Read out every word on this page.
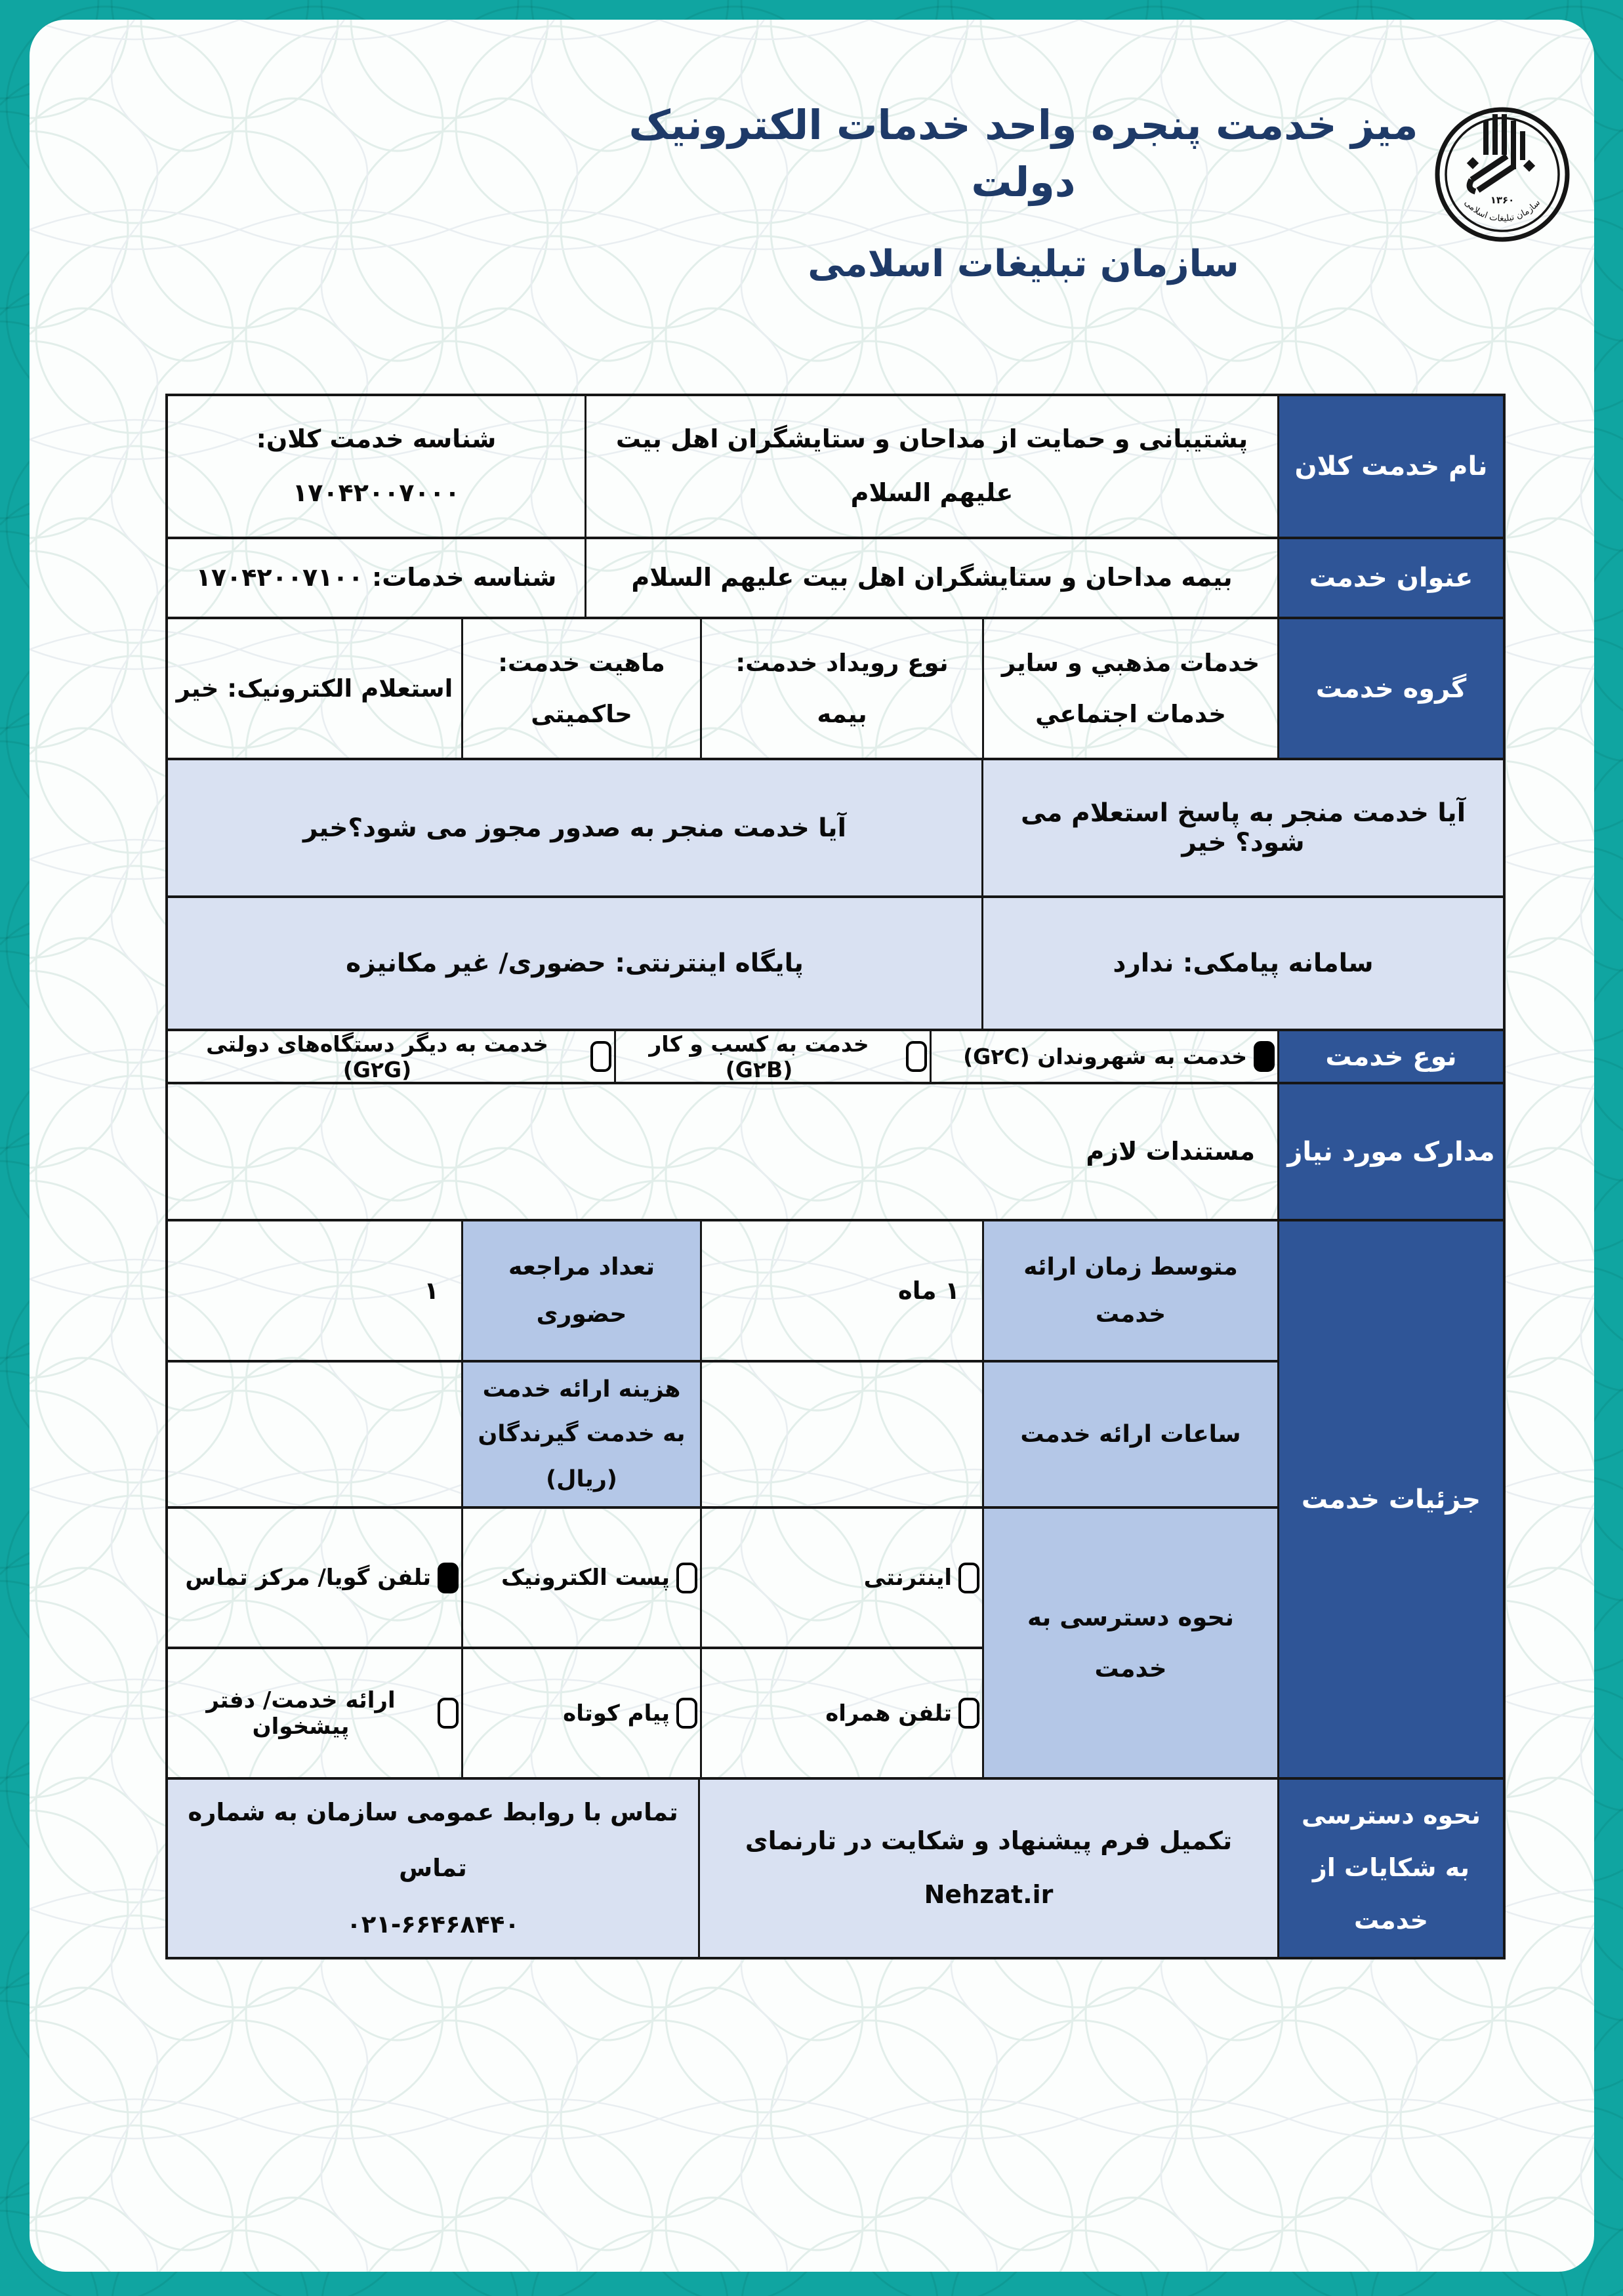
میز خدمت پنجره واحد خدمات الکترونیک دولت
سازمان تبلیغات اسلامی
۱۳۶۰
سازمان تبلیغات اسلامی
نام خدمت کلان
پشتیبانی و حمایت از مداحان و ستایشگران اهل بیت علیهم السلام
شناسه خدمت کلان: ۱۷۰۴۲۰۰۷۰۰۰
عنوان خدمت
بیمه مداحان و ستایشگران اهل بیت علیهم السلام
شناسه خدمات: ۱۷۰۴۲۰۰۷۱۰۰
گروه خدمت
خدمات مذهبي و سایر خدمات اجتماعي
نوع رویداد خدمت: بیمه
ماهیت خدمت: حاکمیتی
استعلام الکترونیک: خیر
آیا خدمت منجر به پاسخ استعلام می شود؟ خیر
آیا خدمت منجر به صدور مجوز می شود؟خیر
سامانه پیامکی: ندارد
پایگاه اینترنتی: حضوری/ غیر مکانیزه
نوع خدمت
خدمت به شهروندان (G۲C)
خدمت به کسب و کار (G۲B)
خدمت به دیگر دستگاه‌های دولتی (G۲G)
مدارک مورد نیاز
مستندات لازم
جزئیات خدمت
متوسط زمان ارائه خدمت
۱ ماه
تعداد مراجعه حضوری
۱
ساعات ارائه خدمت
هزینه ارائه خدمت به خدمت گیرندگان (ریال)
نحوه دسترسی به خدمت
اینترنتی
پست الکترونیک
تلفن گویا/ مرکز تماس
تلفن همراه
پیام کوتاه
ارائه خدمت/ دفتر پیشخوان
نحوه دسترسی به شکایات از خدمت
تکمیل فرم پیشنهاد و شکایت در تارنمای Nehzat.ir
تماس با روابط عمومی سازمان به شماره تماس
۰۲۱-۶۶۴۶۸۴۴۰
